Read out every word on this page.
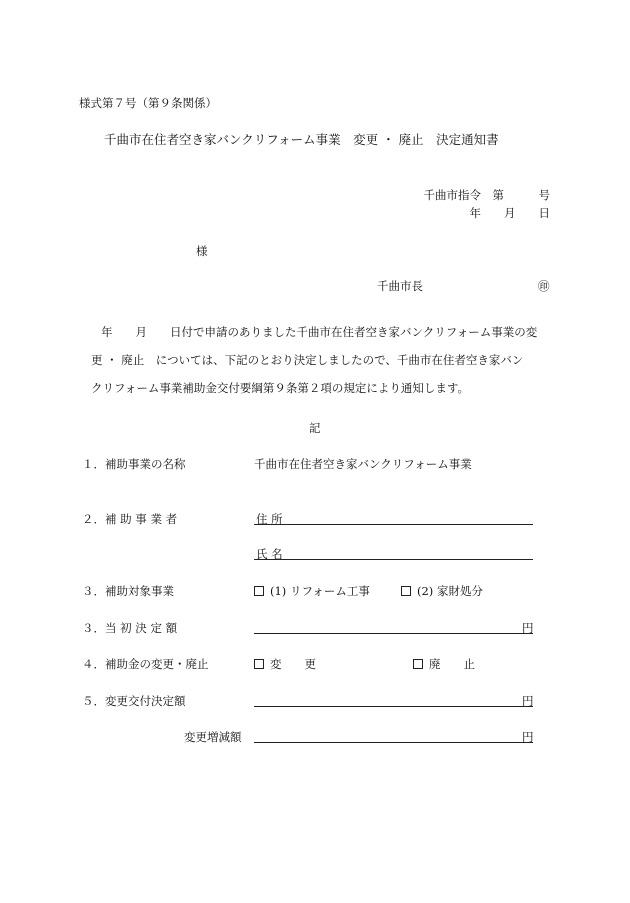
様式第７号（第９条関係）
千曲市在住者空き家バンクリフォーム事業　変更 ・ 廃止　決定通知書
千曲市指令　第　　　号
年　　月　　日
様
千曲市長	㊞
年　　月　　日付で申請のありました千曲市在住者空き家バンクリフォーム事業の変
更 ・ 廃止　については、下記のとおり決定しましたので、千曲市在住者空き家バン
クリフォーム事業補助金交付要綱第９条第２項の規定により通知します。
記
１．補助事業の名称	千曲市在住者空き家バンクリフォーム事業
２．補 助 事 業 者	住 所
氏 名
３．補助対象事業	(1) リフォーム工事	(2) 家財処分
３．当 初 決 定 額	円
４．補助金の変更・廃止	変　　更	廃　　止
５．変更交付決定額	円
変更増減額	円
